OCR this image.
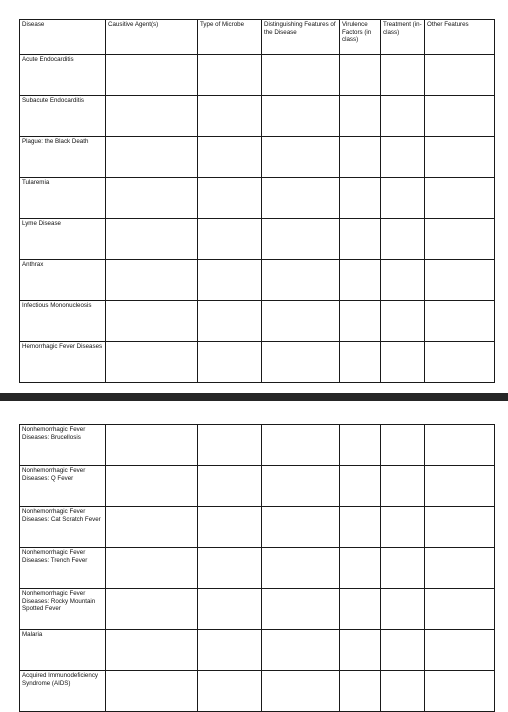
Disease	Causitive Agent(s)	Type of Microbe	Distinguishing Features of the Disease	Virulence Factors (in class)	Treatment (in-class)	Other Features
Acute Endocarditis						
Subacute Endocarditis						
Plague: the Black Death						
Tularemia						
Lyme Disease						
Anthrax						
Infectious Mononucleosis						
Hemorrhagic Fever Diseases						
Nonhemorrhagic Fever Diseases: Brucellosis						
Nonhemorrhagic Fever Diseases: Q Fever						
Nonhemorrhagic Fever Diseases: Cat Scratch Fever						
Nonhemorrhagic Fever Diseases: Trench Fever						
Nonhemorrhagic Fever Diseases: Rocky Mountain Spotted Fever						
Malaria						
Acquired Immunodeficiency Syndrome (AIDS)						
